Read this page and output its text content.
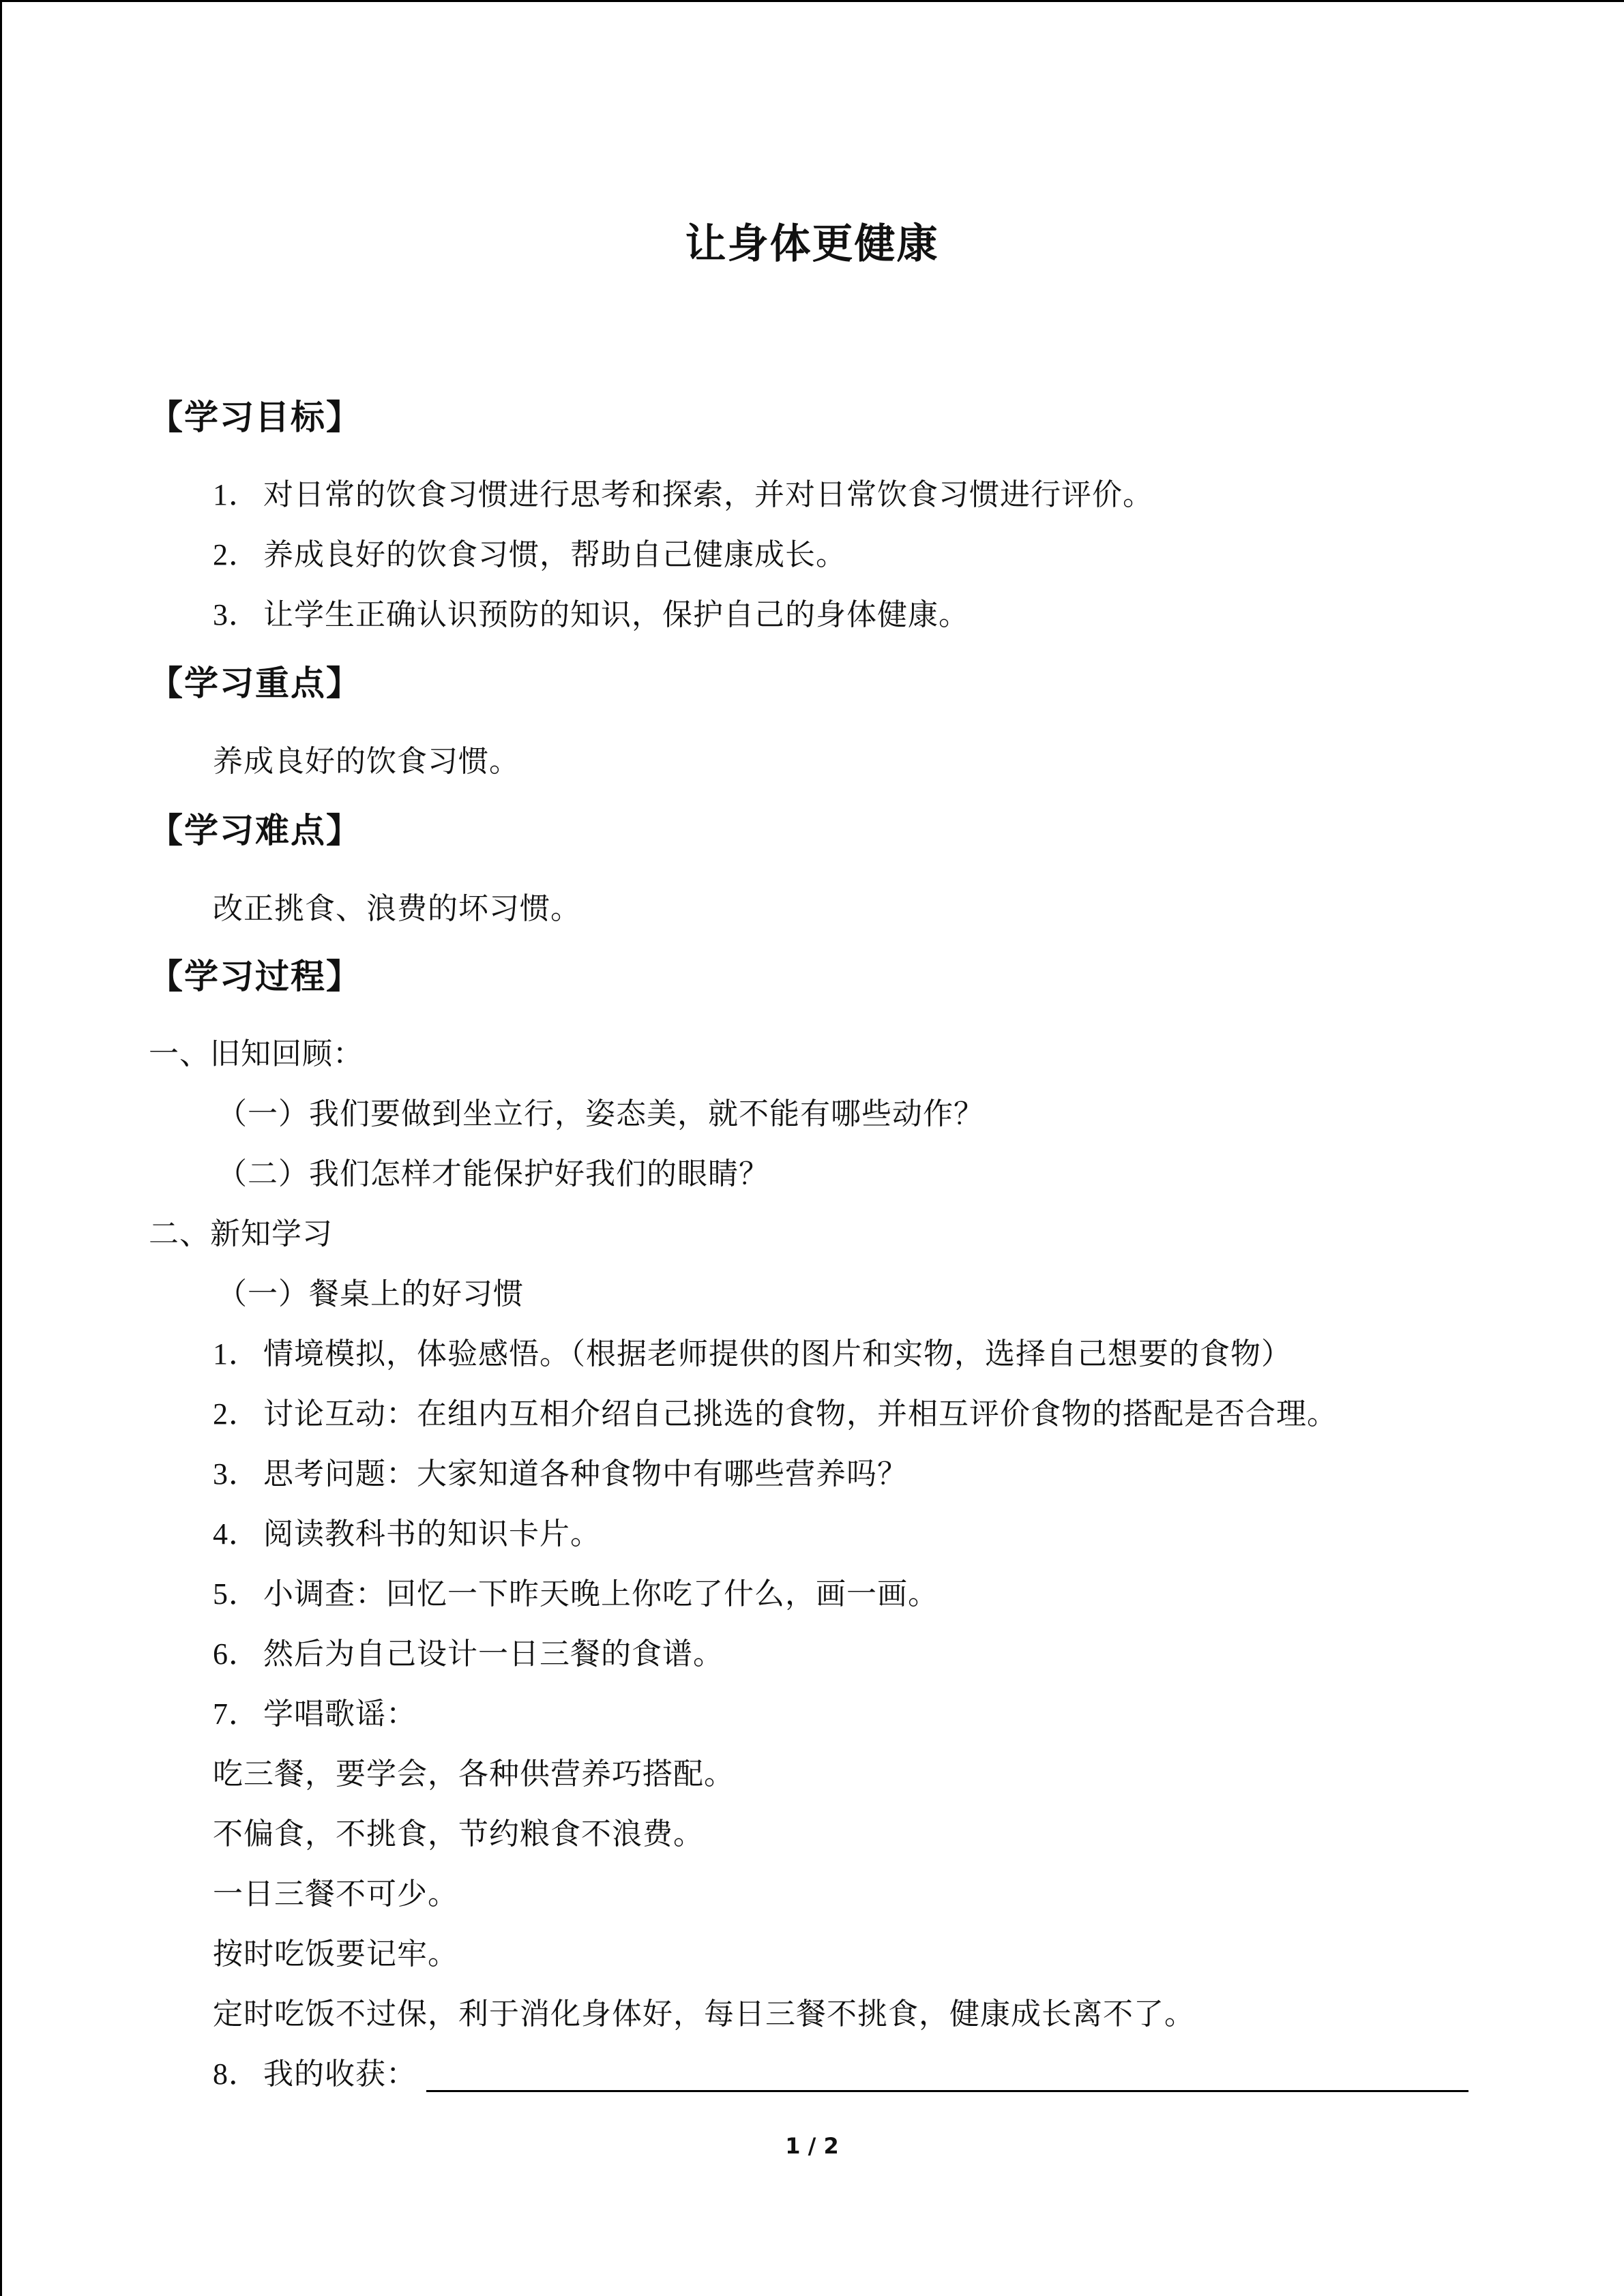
让身体更健康
【学习目标】
1． 对日常的饮食习惯进行思考和探索，并对日常饮食习惯进行评价。
2． 养成良好的饮食习惯，帮助自己健康成长。
3． 让学生正确认识预防的知识，保护自己的身体健康。
【学习重点】
养成良好的饮食习惯。
【学习难点】
改正挑食、浪费的坏习惯。
【学习过程】
一、旧知回顾：
（一）我们要做到坐立行，姿态美，就不能有哪些动作？
（二）我们怎样才能保护好我们的眼睛？
二、新知学习
（一）餐桌上的好习惯
1． 情境模拟，体验感悟。（根据老师提供的图片和实物，选择自己想要的食物）
2． 讨论互动：在组内互相介绍自己挑选的食物，并相互评价食物的搭配是否合理。
3． 思考问题：大家知道各种食物中有哪些营养吗？
4． 阅读教科书的知识卡片。
5． 小调查：回忆一下昨天晚上你吃了什么，画一画。
6． 然后为自己设计一日三餐的食谱。
7． 学唱歌谣：
吃三餐，要学会，各种供营养巧搭配。
不偏食，不挑食，节约粮食不浪费。
一日三餐不可少。
按时吃饭要记牢。
定时吃饭不过保，利于消化身体好，每日三餐不挑食，健康成长离不了。
8． 我的收获：
1 / 2
